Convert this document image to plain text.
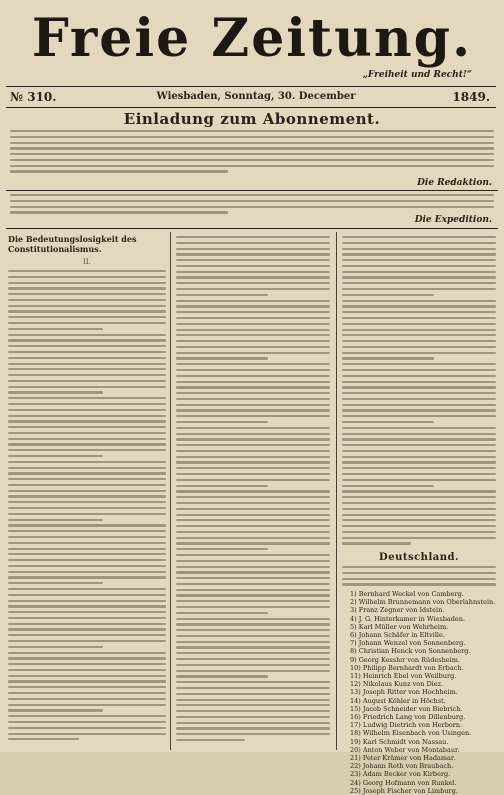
Freie Zeitung.
„Freiheit und Recht!“
№ 310.	Wiesbaden, Sonntag, 30. December	1849.
Einladung zum Abonnement.
Die Redaktion.
Die Expedition.
Die Bedeutungslosigkeit des Constitutionalismus.
II.
Deutschland.
1) Bernhard Weckel von Camberg.
2) Wilhelm Brunnemann von Oberlahnstein.
3) Franz Zegner von Idstein.
4) J. G. Hinterkamer in Wiesbaden.
5) Karl Müller von Wehrheim.
6) Johann Schäfer in Eltville.
7) Johann Wenzel von Sonnenberg.
8) Christian Henck von Sonnenberg.
9) Georg Kessler von Rüdesheim.
10) Philipp Bernhardt von Erbach.
11) Heinrich Ebel von Weilburg.
12) Nikolaus Kunz von Diez.
13) Joseph Ritter von Hochheim.
14) August Köhler in Höchst.
15) Jacob Schneider von Biebrich.
16) Friedrich Lang von Dillenburg.
17) Ludwig Dietrich von Herborn.
18) Wilhelm Eisenbach von Usingen.
19) Karl Schmidt von Nassau.
20) Anton Weber von Montabaur.
21) Peter Krämer von Hadamar.
22) Johann Roth von Braubach.
23) Adam Becker von Kirberg.
24) Georg Hofmann von Runkel.
25) Joseph Fischer von Limburg.
